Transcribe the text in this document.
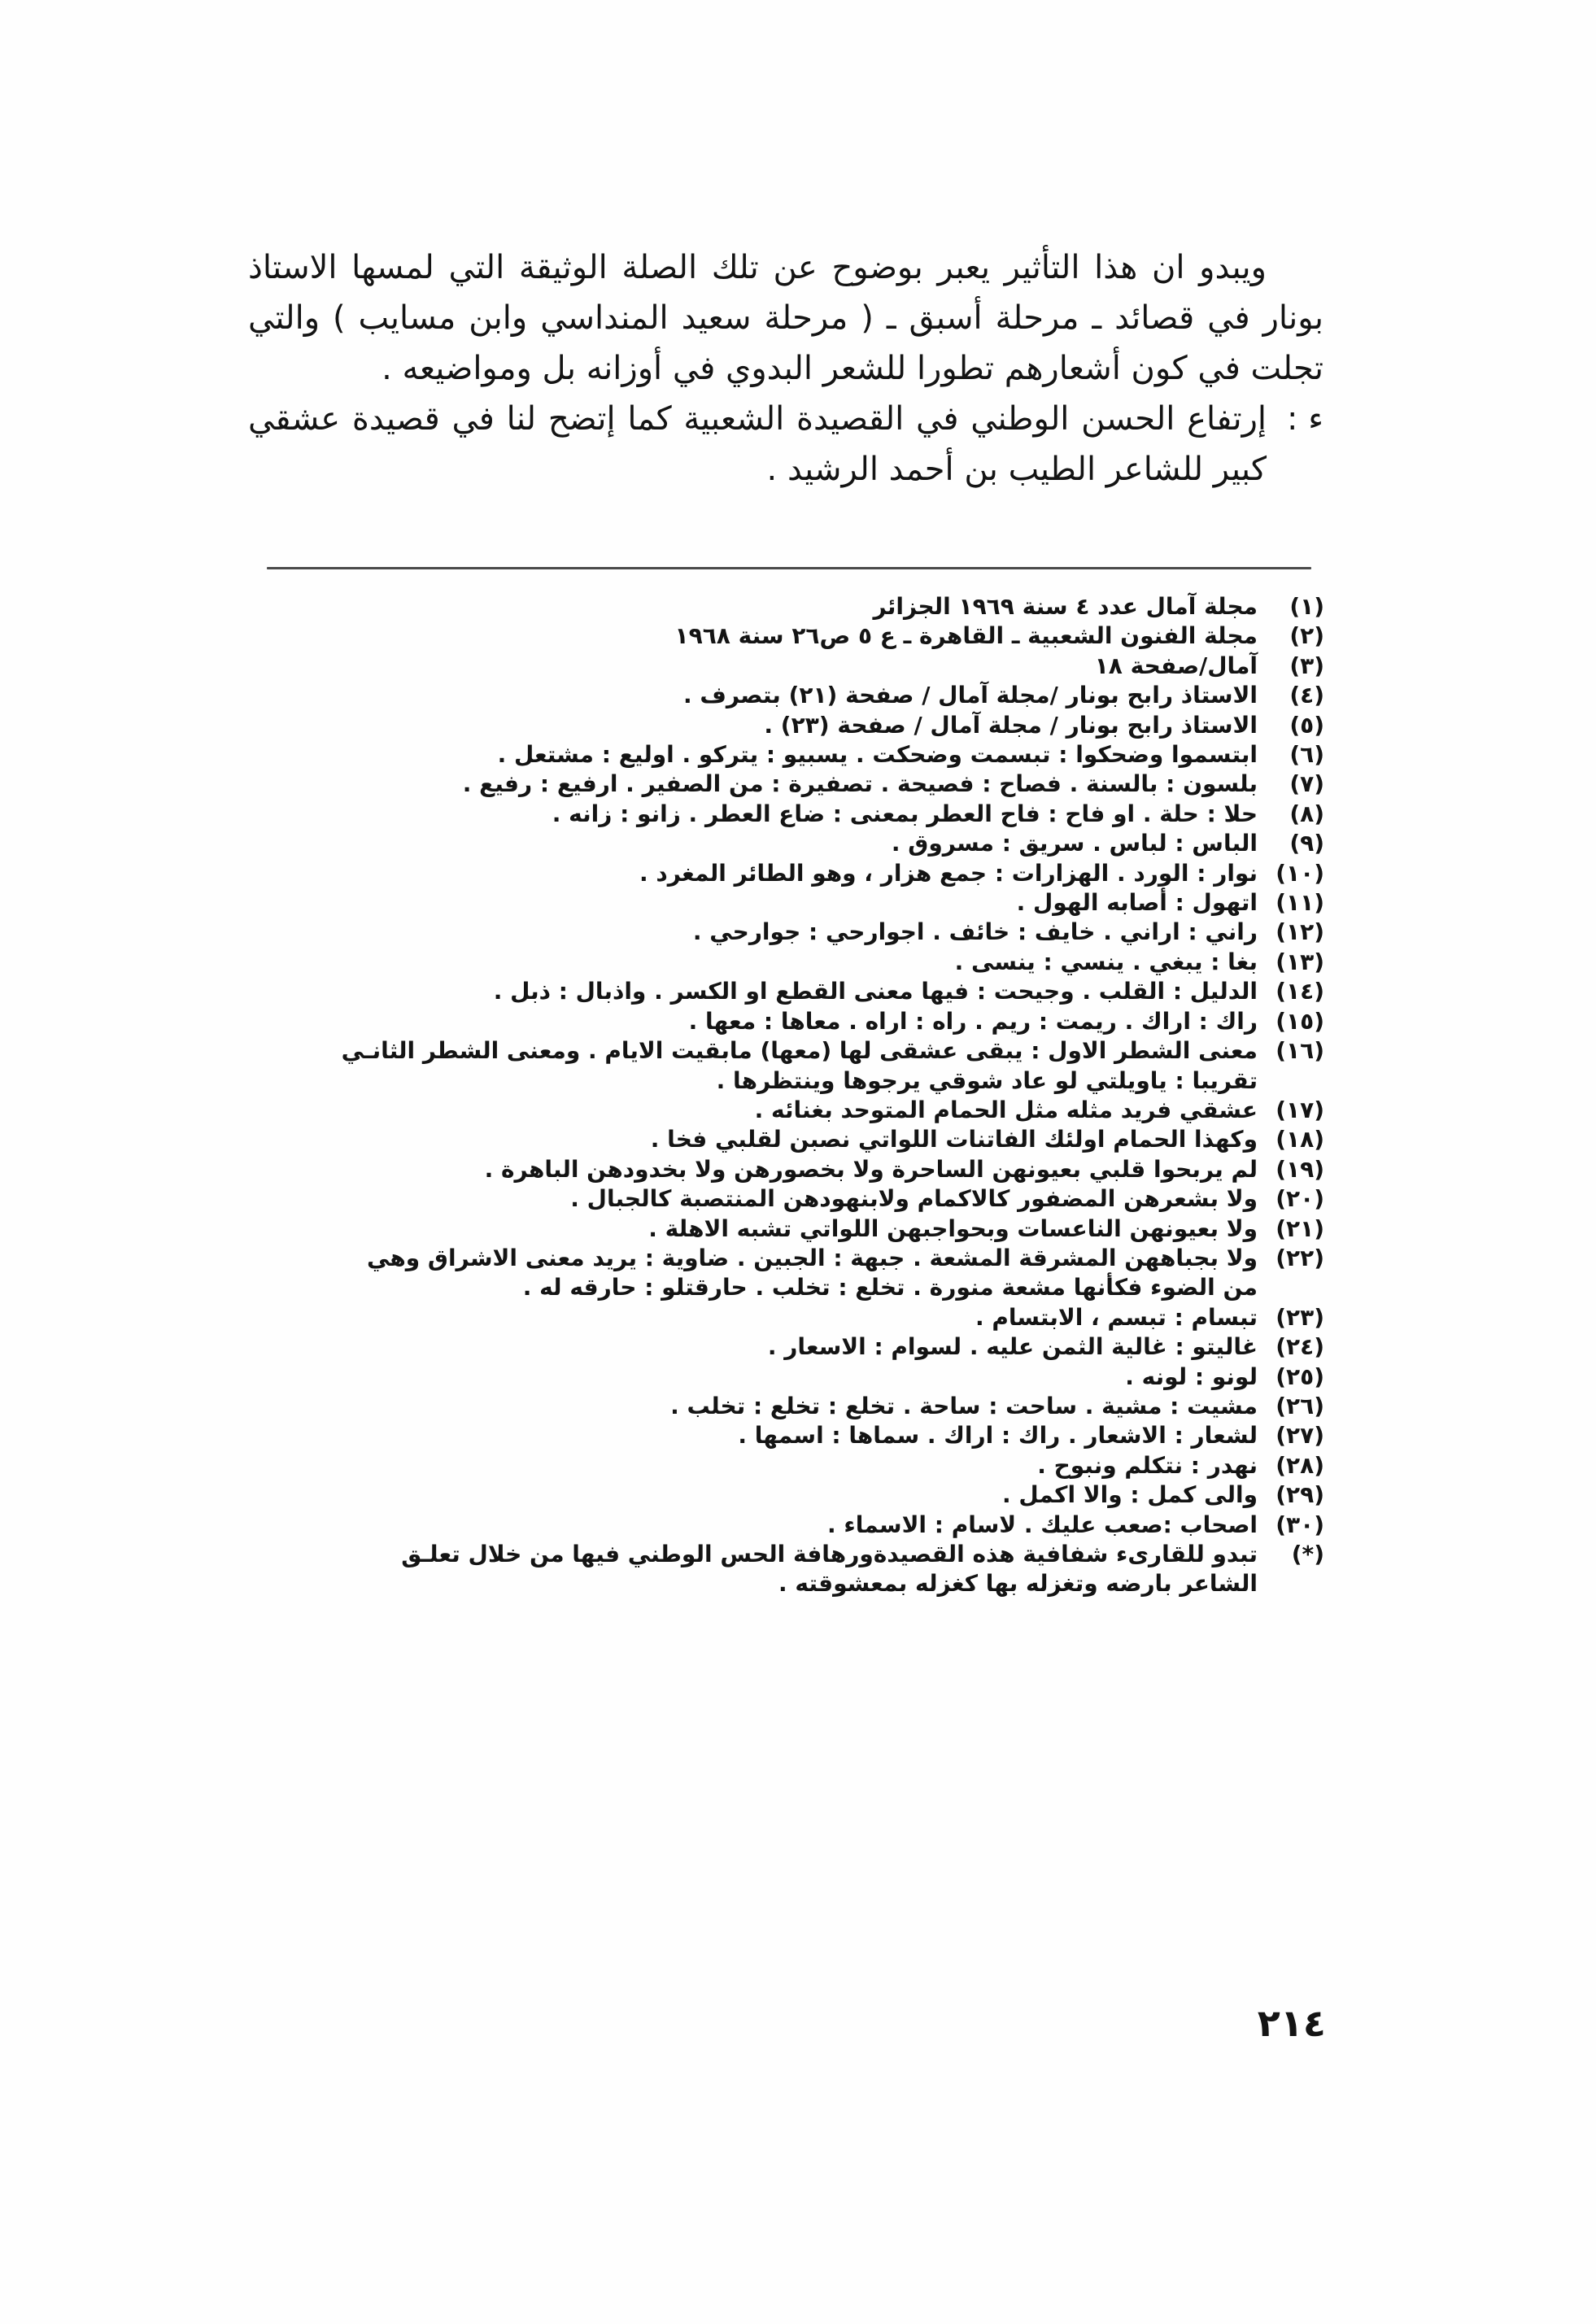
ويبدو ان هذا التأثير يعبر بوضوح عن تلك الصلة الوثيقة التي لمسها الاستاذ بونار في قصائد ـ مرحلة أسبق ـ ( مرحلة سعيد المنداسي وابن مسايب ) والتي تجلت في كون أشعارهم تطورا للشعر البدوي في أوزانه بل ومواضيعه .

ء :
إرتفاع الحسن الوطني في القصيدة الشعبية كما إتضح لنا في قصيدة عشقي كبير للشاعر الطيب بن أحمد الرشيد .
(١)
مجلة آمال عدد ٤ سنة ١٩٦٩ الجزائر
(٢)
مجلة الفنون الشعبية ـ القاهرة ـ ع ٥ ص٢٦ سنة ١٩٦٨
(٣)
آمال/صفحة ١٨
(٤)
الاستاذ رابح بونار /مجلة آمال / صفحة (٢١) بتصرف .
(٥)
الاستاذ رابح بونار / مجلة آمال / صفحة (٢٣) .
(٦)
ابتسموا وضحكوا : تبسمت وضحكت . يسبيو : يتركو . اوليع : مشتعل .
(٧)
بلسون : بالسنة . فصاح : فصيحة . تصفيرة : من الصفير . ارفيع : رفيع .
(٨)
حلا : حلة . او فاح : فاح العطر بمعنى : ضاع العطر . زانو : زانه .
(٩)
الباس : لباس . سريق : مسروق .
(١٠)
نوار : الورد . الهزارات : جمع هزار ، وهو الطائر المغرد .
(١١)
اتهول : أصابه الهول .
(١٢)
راني : اراني . خايف : خائف . اجوارحي : جوارحي .
(١٣)
بغا : يبغي . ينسي : ينسى .
(١٤)
الدليل : القلب . وجيحت : فيها معنى القطع او الكسر . واذبال : ذبل .
(١٥)
راك : اراك . ريمت : ريم . راه : اراه . معاها : معها .
(١٦)
معنى الشطر الاول : يبقى عشقى لها (معها) مابقيت الايام . ومعنى الشطر الثانـي
تقريبا : ياويلتي لو عاد شوقي يرجوها وينتظرها .
(١٧)
عشقي فريد مثله مثل الحمام المتوحد بغنائه .
(١٨)
وكهذا الحمام اولئك الفاتنات اللواتي نصبن لقلبي فخا .
(١٩)
لم يربحوا قلبي بعيونهن الساحرة ولا بخصورهن ولا بخدودهن الباهرة .
(٢٠)
ولا بشعرهن المضفور كالاكمام ولابنهودهن المنتصبة كالجبال .
(٢١)
ولا بعيونهن الناعسات وبحواجبهن اللواتي تشبه الاهلة .
(٢٢)
ولا بجباههن المشرقة المشعة . جبهة : الجبين . ضاوية : يريد معنى الاشراق وهي
من الضوء فكأنها مشعة منورة . تخلع : تخلب . حارقتلو : حارقه له .
(٢٣)
تبسام : تبسم ، الابتسام .
(٢٤)
غاليتو : غالية الثمن عليه . لسوام : الاسعار .
(٢٥)
لونو : لونه .
(٢٦)
مشيت : مشية . ساحت : ساحة . تخلع : تخلع : تخلب .
(٢٧)
لشعار : الاشعار . راك : اراك . سماها : اسمها .
(٢٨)
نهدر : نتكلم ونبوح .
(٢٩)
والى كمل : والا اكمل .
(٣٠)
اصحاب :صعب عليك . لاسام : الاسماء .
(*)
تبدو للقارىء شفافية هذه القصيدةورهافة الحس الوطني فيها من خلال تعلـق
الشاعر بارضه وتغزله بها كغزله بمعشوقته .
٢١٤
